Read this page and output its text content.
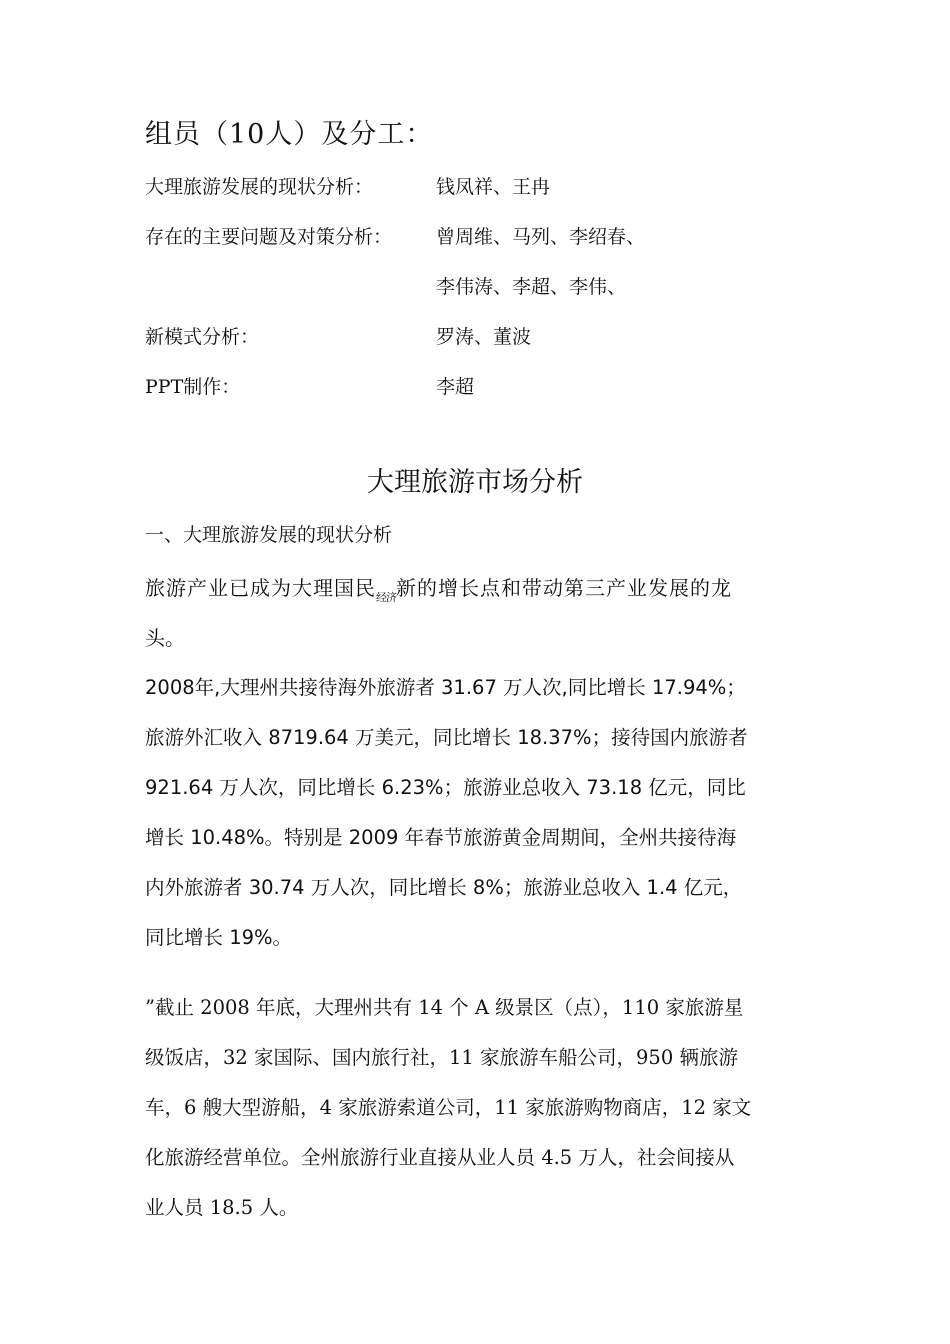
组员（10人）及分工：
大理旅游发展的现状分析：	钱凤祥、王冉
存在的主要问题及对策分析： 曾周维、马列、李绍春、
李伟涛、李超、李伟、
新模式分析：	罗涛、董波
PPT制作：	李超
大理旅游市场分析
一、大理旅游发展的现状分析
旅游产业已成为大理国民$_{经济}$新的增长点和带动第三产业发展的龙
头。
2008年,大理州共接待海外旅游者 31.67 万人次,同比增长 17.94%；
旅游外汇收入 8719.64 万美元，同比增长 18.37%；接待国内旅游者
921.64 万人次，同比增长 6.23%；旅游业总收入 73.18 亿元，同比
增长 10.48%。特别是 2009 年春节旅游黄金周期间，全州共接待海
内外旅游者 30.74 万人次，同比增长 8%；旅游业总收入 1.4 亿元，
同比增长 19%。
”截止 2008 年底，大理州共有 14 个 A 级景区（点），110 家旅游星
级饭店，32 家国际、国内旅行社，11 家旅游车船公司，950 辆旅游
车，6 艘大型游船，4 家旅游索道公司，11 家旅游购物商店，12 家文
化旅游经营单位。全州旅游行业直接从业人员 4.5 万人，社会间接从
业人员 18.5 人。
